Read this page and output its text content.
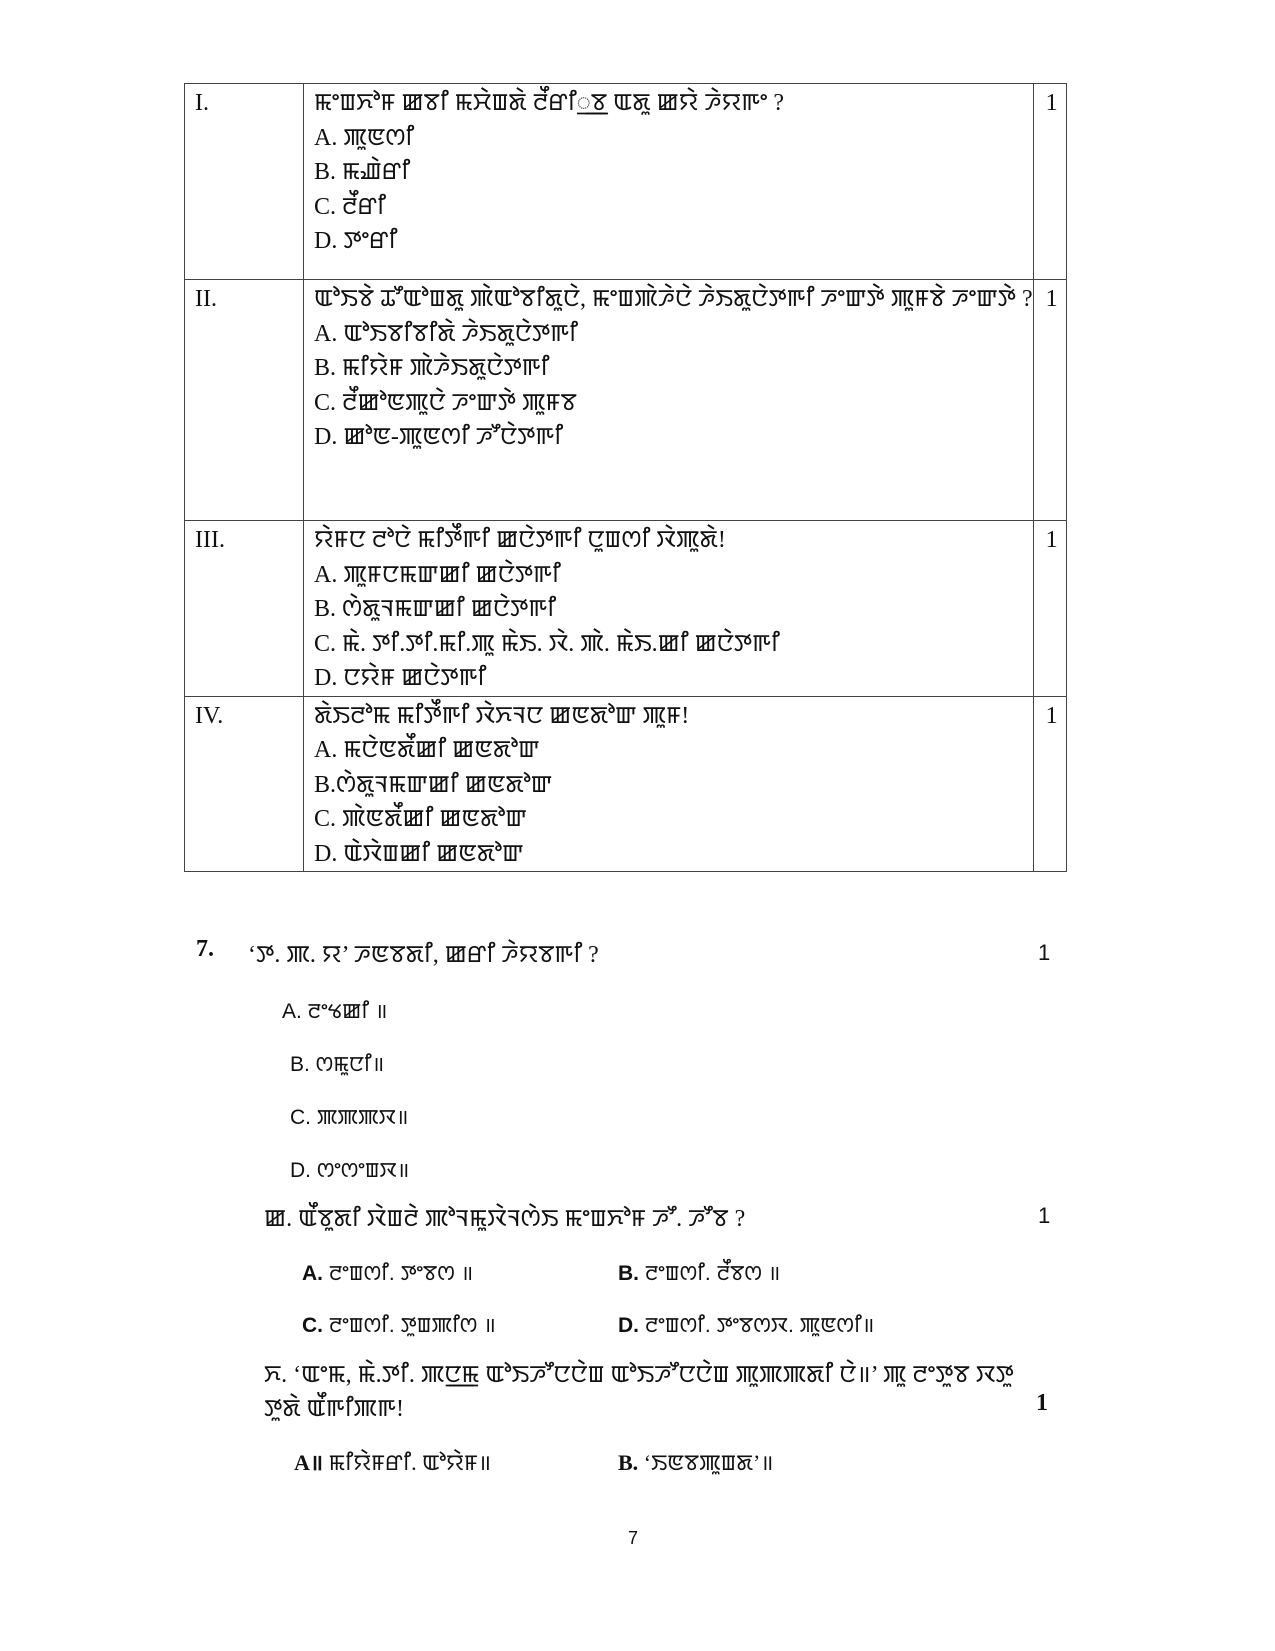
I.	ꯃꯦꯡꯈꯣꯝ ꯀꯕꯤ ꯃꯆꯥꯡꯗꯥ ꯂꯩꯔꯤ꯭ꯕ ꯑꯗꯨ ꯀꯌꯥ ꯍꯥꯌꯒꯦ ?
A. ꯄꯨꯟꯁꯤ
B. ꯃꯉꯥꯔꯤ
C. ꯂꯩꯔꯤ
D. ꯇꯦꯔꯤ	1
II.	ꯑꯣꯏꯕꯥ ꯊꯧꯑꯣꯡꯗꯨ ꯄꯥꯑꯣꯕꯤꯗꯨꯅꯥ, ꯃꯦꯡꯄꯥꯍꯥꯅꯥ ꯍꯥꯏꯗꯨꯅꯥꯇꯒꯤ ꯍꯦꯛꯇꯥ ꯄꯨꯝꯕꯥ ꯍꯦꯛꯇꯥ ?
A. ꯑꯣꯏꯕꯤꯕꯤꯗꯥ ꯍꯥꯏꯗꯨꯅꯥꯇꯒꯤ
B. ꯃꯤꯌꯥꯝ ꯄꯥꯍꯥꯏꯗꯨꯅꯥꯇꯒꯤ
C. ꯂꯩꯀꯣꯟꯄꯨꯅꯥ ꯍꯦꯛꯇꯥ ꯄꯨꯝꯕ
D. ꯀꯣꯟ-ꯄꯨꯟꯁꯤ ꯍꯧꯅꯥꯇꯒꯤ	1
III.	ꯌꯥꯝꯅ ꯂꯣꯅꯥ ꯃꯤꯇꯩꯒꯤ ꯀꯅꯥꯇꯒꯤ ꯅꯨꯡꯁꯤ ꯋꯥꯄꯨꯗꯥ!
A. ꯄꯨꯝꯅꯃꯛꯀꯤ ꯀꯅꯥꯇꯒꯤ
B. ꯁꯥꯗꯨꯜꯃꯛꯀꯤ ꯀꯅꯥꯇꯒꯤ
C. ꯃꯥ. ꯇꯤ.ꯇꯤ.ꯃꯤ.ꯄꯨ ꯃꯥꯏ. ꯋꯥ. ꯄꯥ. ꯃꯥꯏ.ꯀꯤ ꯀꯅꯥꯇꯒꯤ
D. ꯅꯌꯥꯝ ꯀꯅꯥꯇꯒꯤ	1
IV.	ꯗꯥꯏꯂꯣꯃ ꯃꯤꯇꯩꯒꯤ ꯋꯥꯈꯜꯅ ꯀꯟꯗꯣꯛ ꯄꯨꯝ!
A. ꯃꯅꯥꯟꯗꯩꯀꯤ ꯀꯟꯗꯣꯛ
B.ꯁꯥꯗꯨꯜꯃꯛꯀꯤ ꯀꯟꯗꯣꯛ
C. ꯄꯥꯟꯗꯩꯀꯤ ꯀꯟꯗꯣꯛ
D. ꯑꯥꯋꯥꯡꯀꯤ ꯀꯟꯗꯣꯛ	1
7. ‘ꯇ. ꯄ. ꯌ’ ꯍꯟꯕꯗꯤ, ꯀꯔꯤ ꯍꯥꯌꯕꯒꯤ ?	1
A. ꯂꯦꯠꯀꯤ ॥
B. ꯁꯃꯨꯅꯤ॥
C. ꯄꯄꯄꯋ॥
D. ꯁꯦꯁꯦꯡꯋ॥
ꯀ. ꯑꯩꯕꯨꯗꯤ ꯋꯥꯡꯂꯥ ꯄꯣꯜꯃꯨꯋꯥꯜꯁꯥꯏ ꯃꯦꯡꯈꯣꯝ ꯍꯧ. ꯍꯧꯕ ?	1
A. ꯂꯦꯡꯁꯤ. ꯇꯦꯕꯁ ॥	B. ꯂꯦꯡꯁꯤ. ꯂꯩꯕꯁ ॥
C. ꯂꯦꯡꯁꯤ. ꯇꯨꯡꯄꯤꯁ ॥	D. ꯂꯦꯡꯁꯤ. ꯇꯦꯕꯁꯋ. ꯄꯨꯟꯁꯤ॥
ꯈ. ‘ꯑꯦꯃ, ꯃꯥ.ꯇꯤ. ꯄꯅ꯭ꯃ ꯑꯣꯏꯍꯧꯅꯅꯥꯡ ꯑꯣꯏꯍꯧꯅꯅꯥꯡ ꯄꯨꯄꯄꯗꯤ ꯅꯥ॥’ ꯄꯨ ꯂꯦꯇꯨꯕ ꯋꯇꯨ
ꯇꯨꯗꯥ ꯑꯩꯒꯤꯄꯒ!	1
A॥ ꯃꯤꯌꯥꯝꯔꯤ. ꯑꯣꯌꯥꯝ॥	B. ‘ꯏꯟꯕꯄꯨꯡꯗ’॥
7
